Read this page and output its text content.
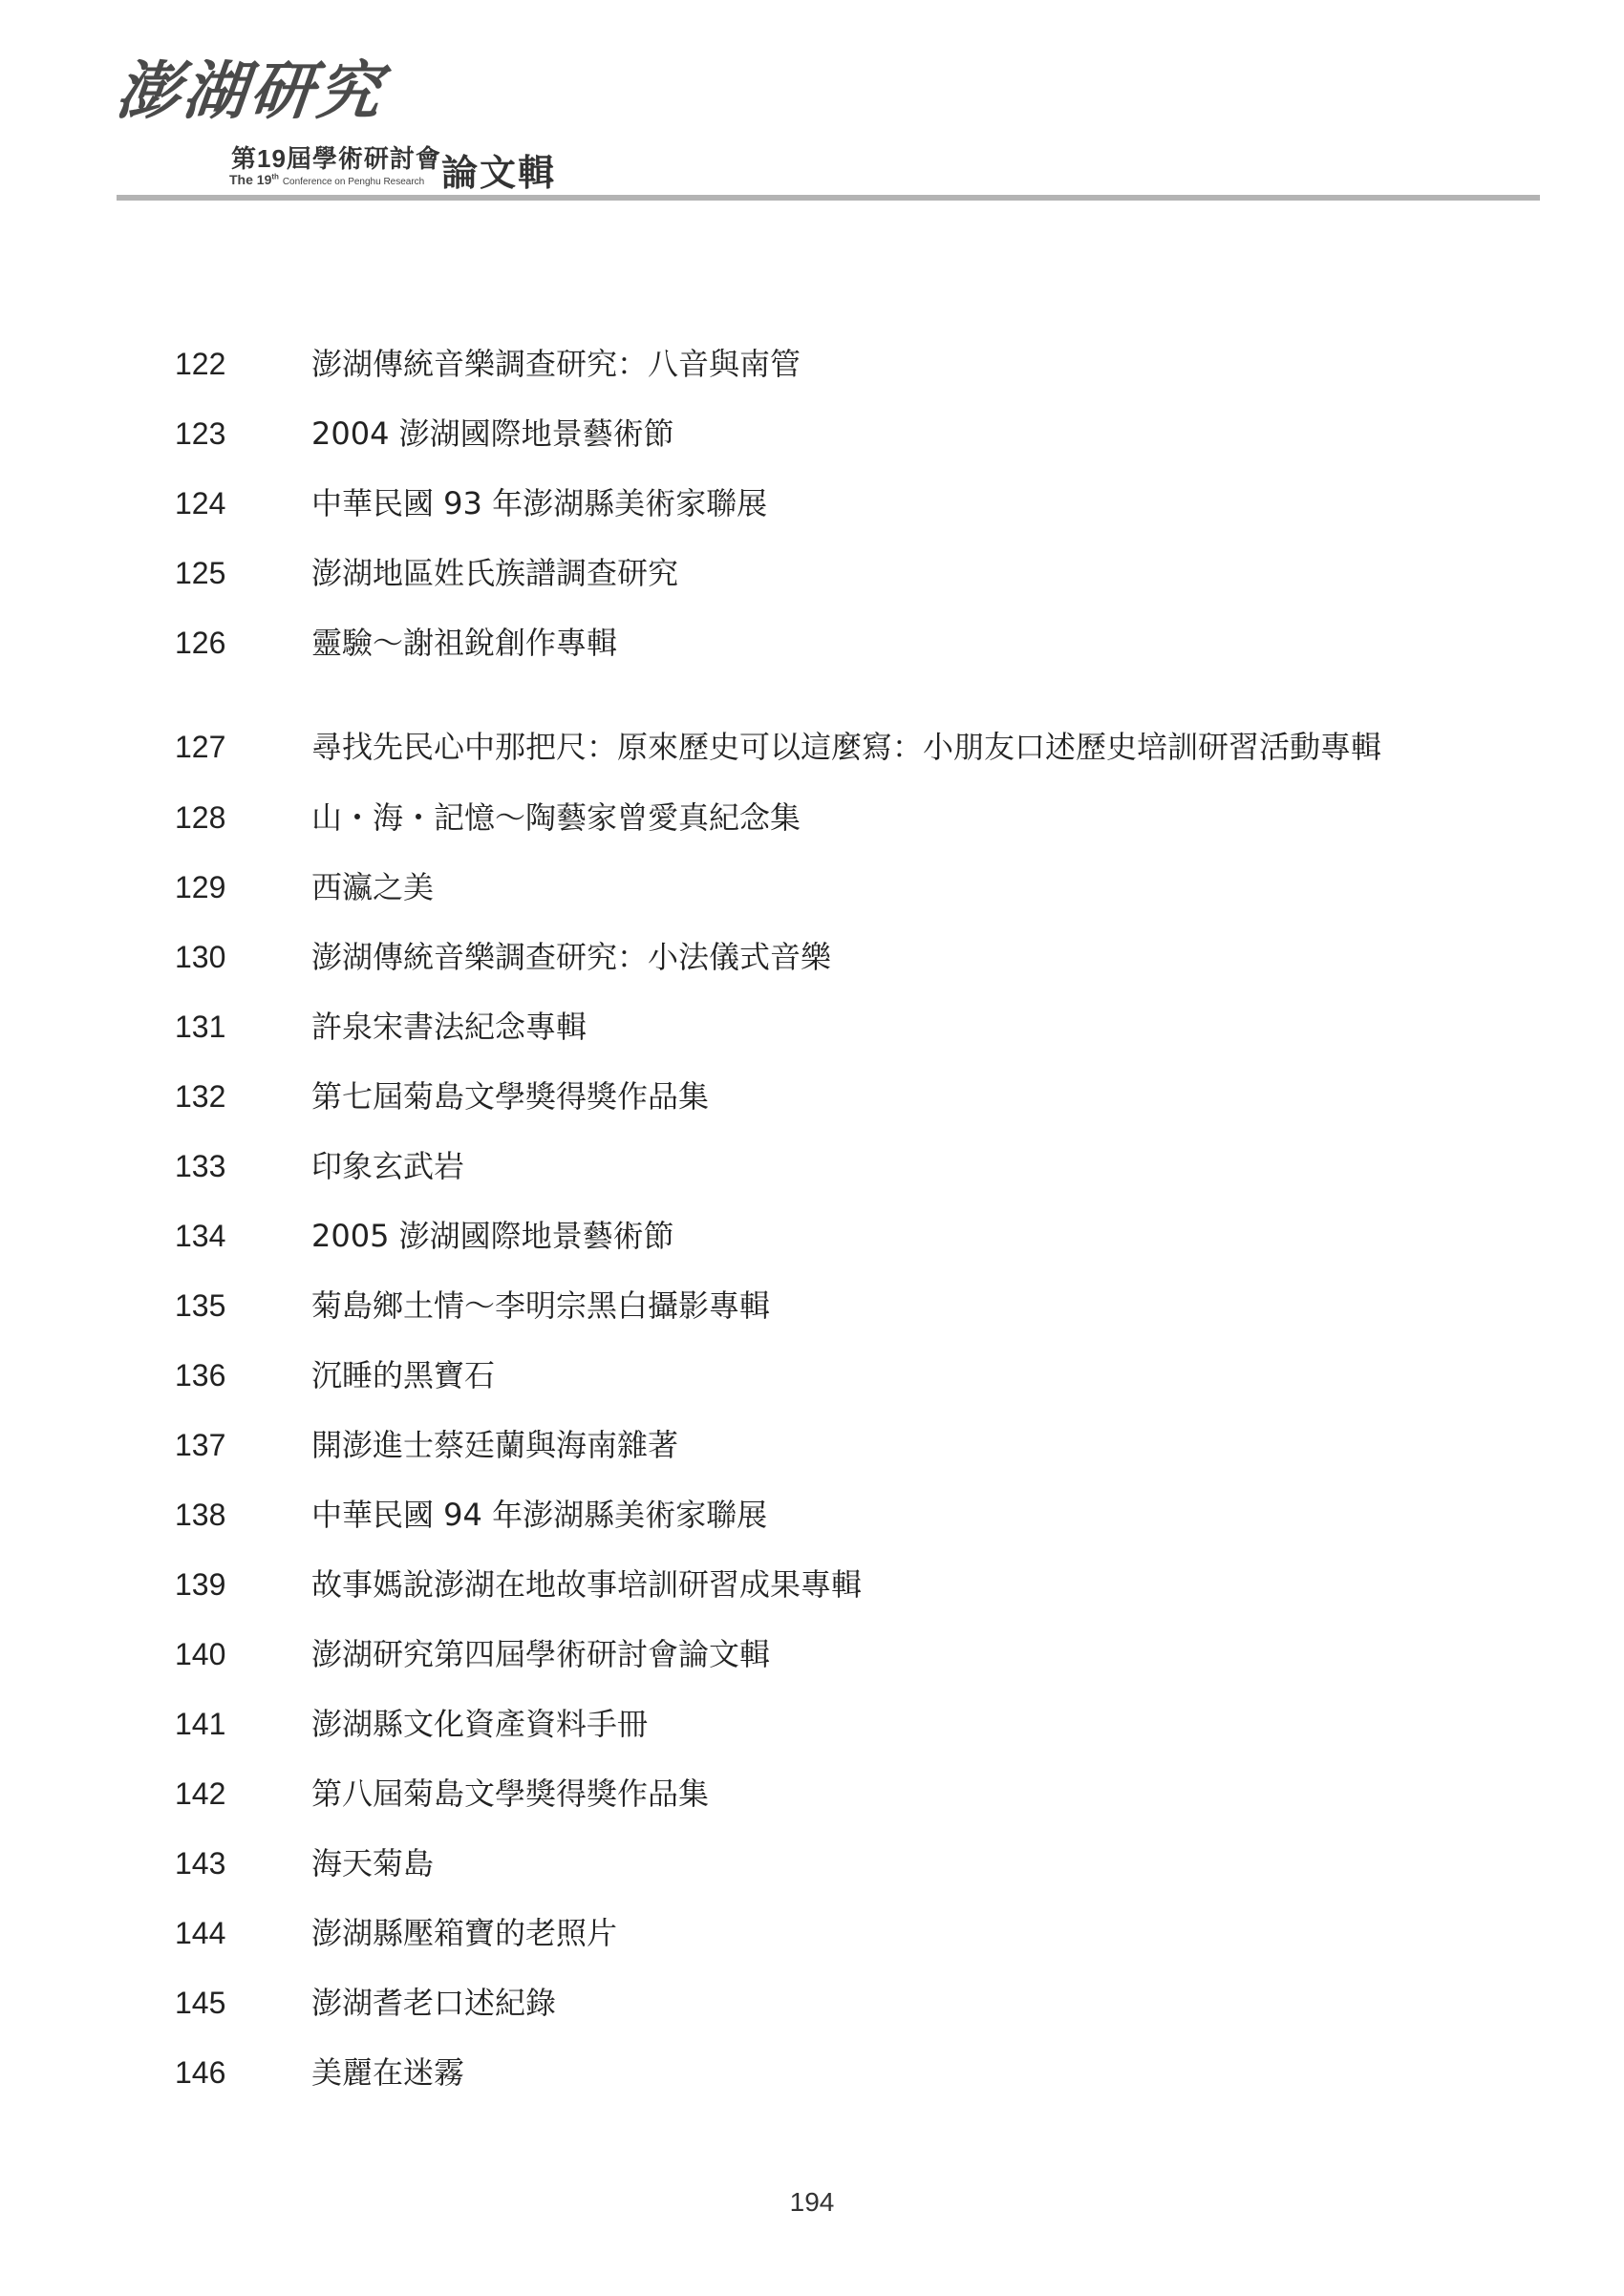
澎湖研究
第19屆學術研討會
The 19th Conference on Penghu Research 論文輯
122	澎湖傳統音樂調查研究：八音與南管
123	2004 澎湖國際地景藝術節
124	中華民國 93 年澎湖縣美術家聯展
125	澎湖地區姓氏族譜調查研究
126	靈驗～謝祖銳創作專輯
127	尋找先民心中那把尺：原來歷史可以這麼寫：小朋友口述歷史培訓研習活動專輯
128	山・海・記憶～陶藝家曾愛真紀念集
129	西瀛之美
130	澎湖傳統音樂調查研究：小法儀式音樂
131	許泉宋書法紀念專輯
132	第七屆菊島文學獎得獎作品集
133	印象玄武岩
134	2005 澎湖國際地景藝術節
135	菊島鄉土情～李明宗黑白攝影專輯
136	沉睡的黑寶石
137	開澎進士蔡廷蘭與海南雜著
138	中華民國 94 年澎湖縣美術家聯展
139	故事媽說澎湖在地故事培訓研習成果專輯
140	澎湖研究第四屆學術研討會論文輯
141	澎湖縣文化資產資料手冊
142	第八屆菊島文學獎得獎作品集
143	海天菊島
144	澎湖縣壓箱寶的老照片
145	澎湖耆老口述紀錄
146	美麗在迷霧
194
